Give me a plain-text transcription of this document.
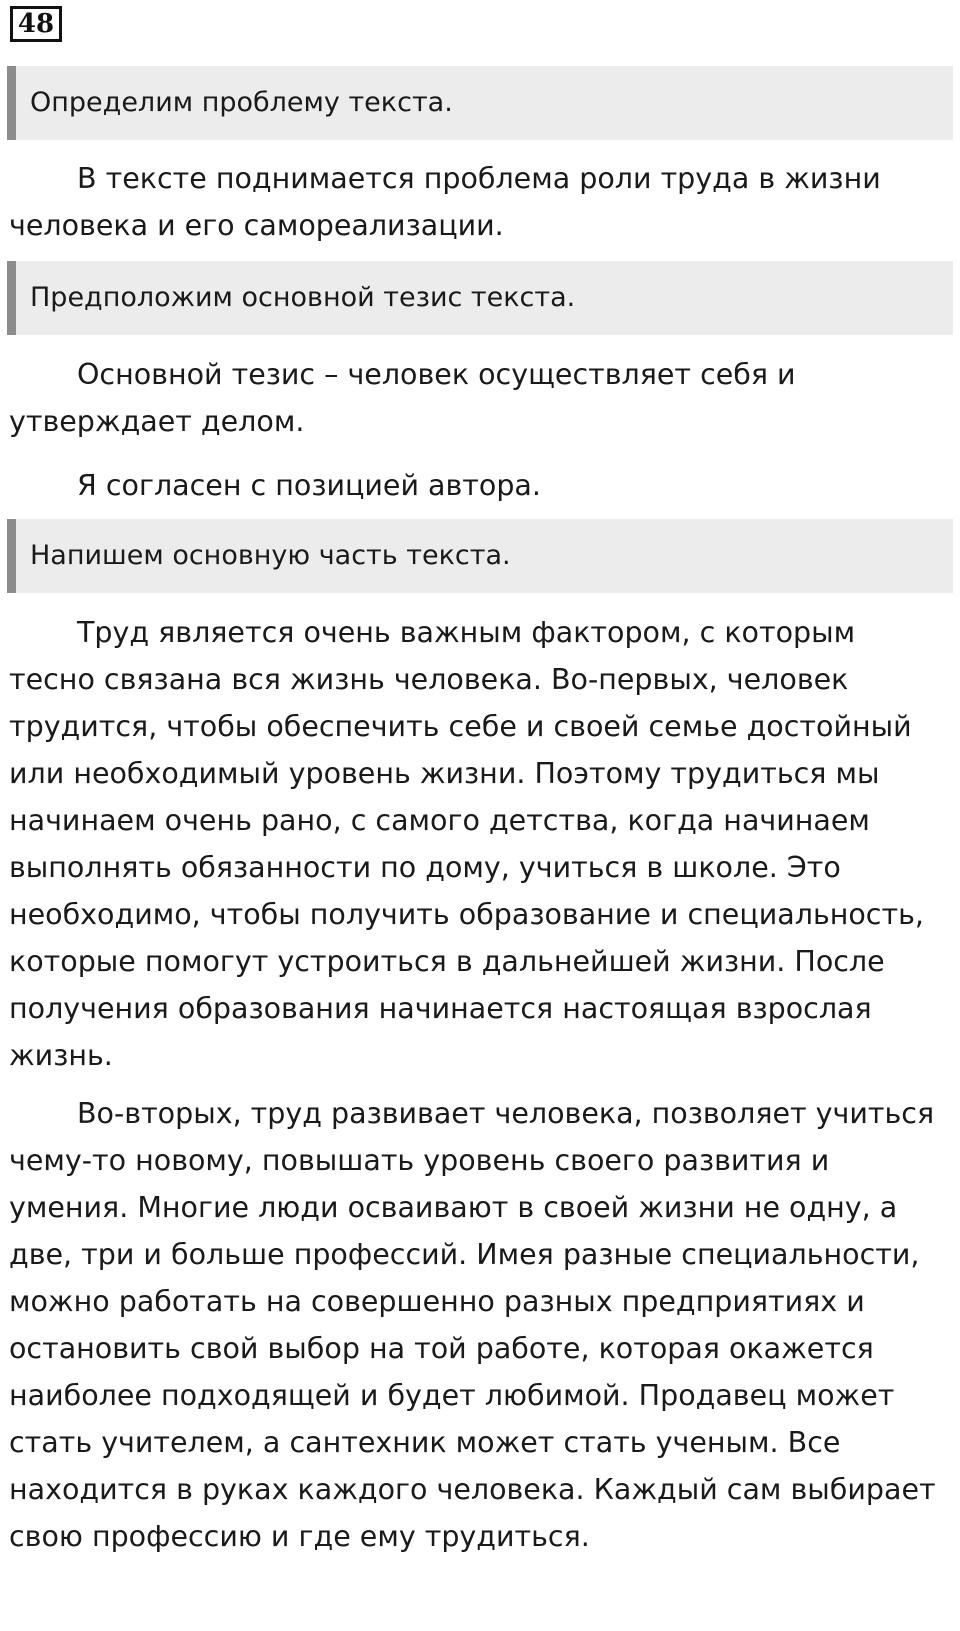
48
Определим проблему текста.

В тексте поднимается проблема роли труда в жизни
человека и его самореализации.

Предположим основной тезис текста.

Основной тезис – человек осуществляет себя и
утверждает делом.

Я согласен с позицией автора.

Напишем основную часть текста.

Труд является очень важным фактором, с которым
тесно связана вся жизнь человека. Во-первых, человек
трудится, чтобы обеспечить себе и своей семье достойный
или необходимый уровень жизни. Поэтому трудиться мы
начинаем очень рано, с самого детства, когда начинаем
выполнять обязанности по дому, учиться в школе. Это
необходимо, чтобы получить образование и специальность,
которые помогут устроиться в дальнейшей жизни. После
получения образования начинается настоящая взрослая
жизнь.

Во-вторых, труд развивает человека, позволяет учиться
чему-то новому, повышать уровень своего развития и
умения. Многие люди осваивают в своей жизни не одну, а
две, три и больше профессий. Имея разные специальности,
можно работать на совершенно разных предприятиях и
остановить свой выбор на той работе, которая окажется
наиболее подходящей и будет любимой. Продавец может
стать учителем, а сантехник может стать ученым. Все
находится в руках каждого человека. Каждый сам выбирает
свою профессию и где ему трудиться.
